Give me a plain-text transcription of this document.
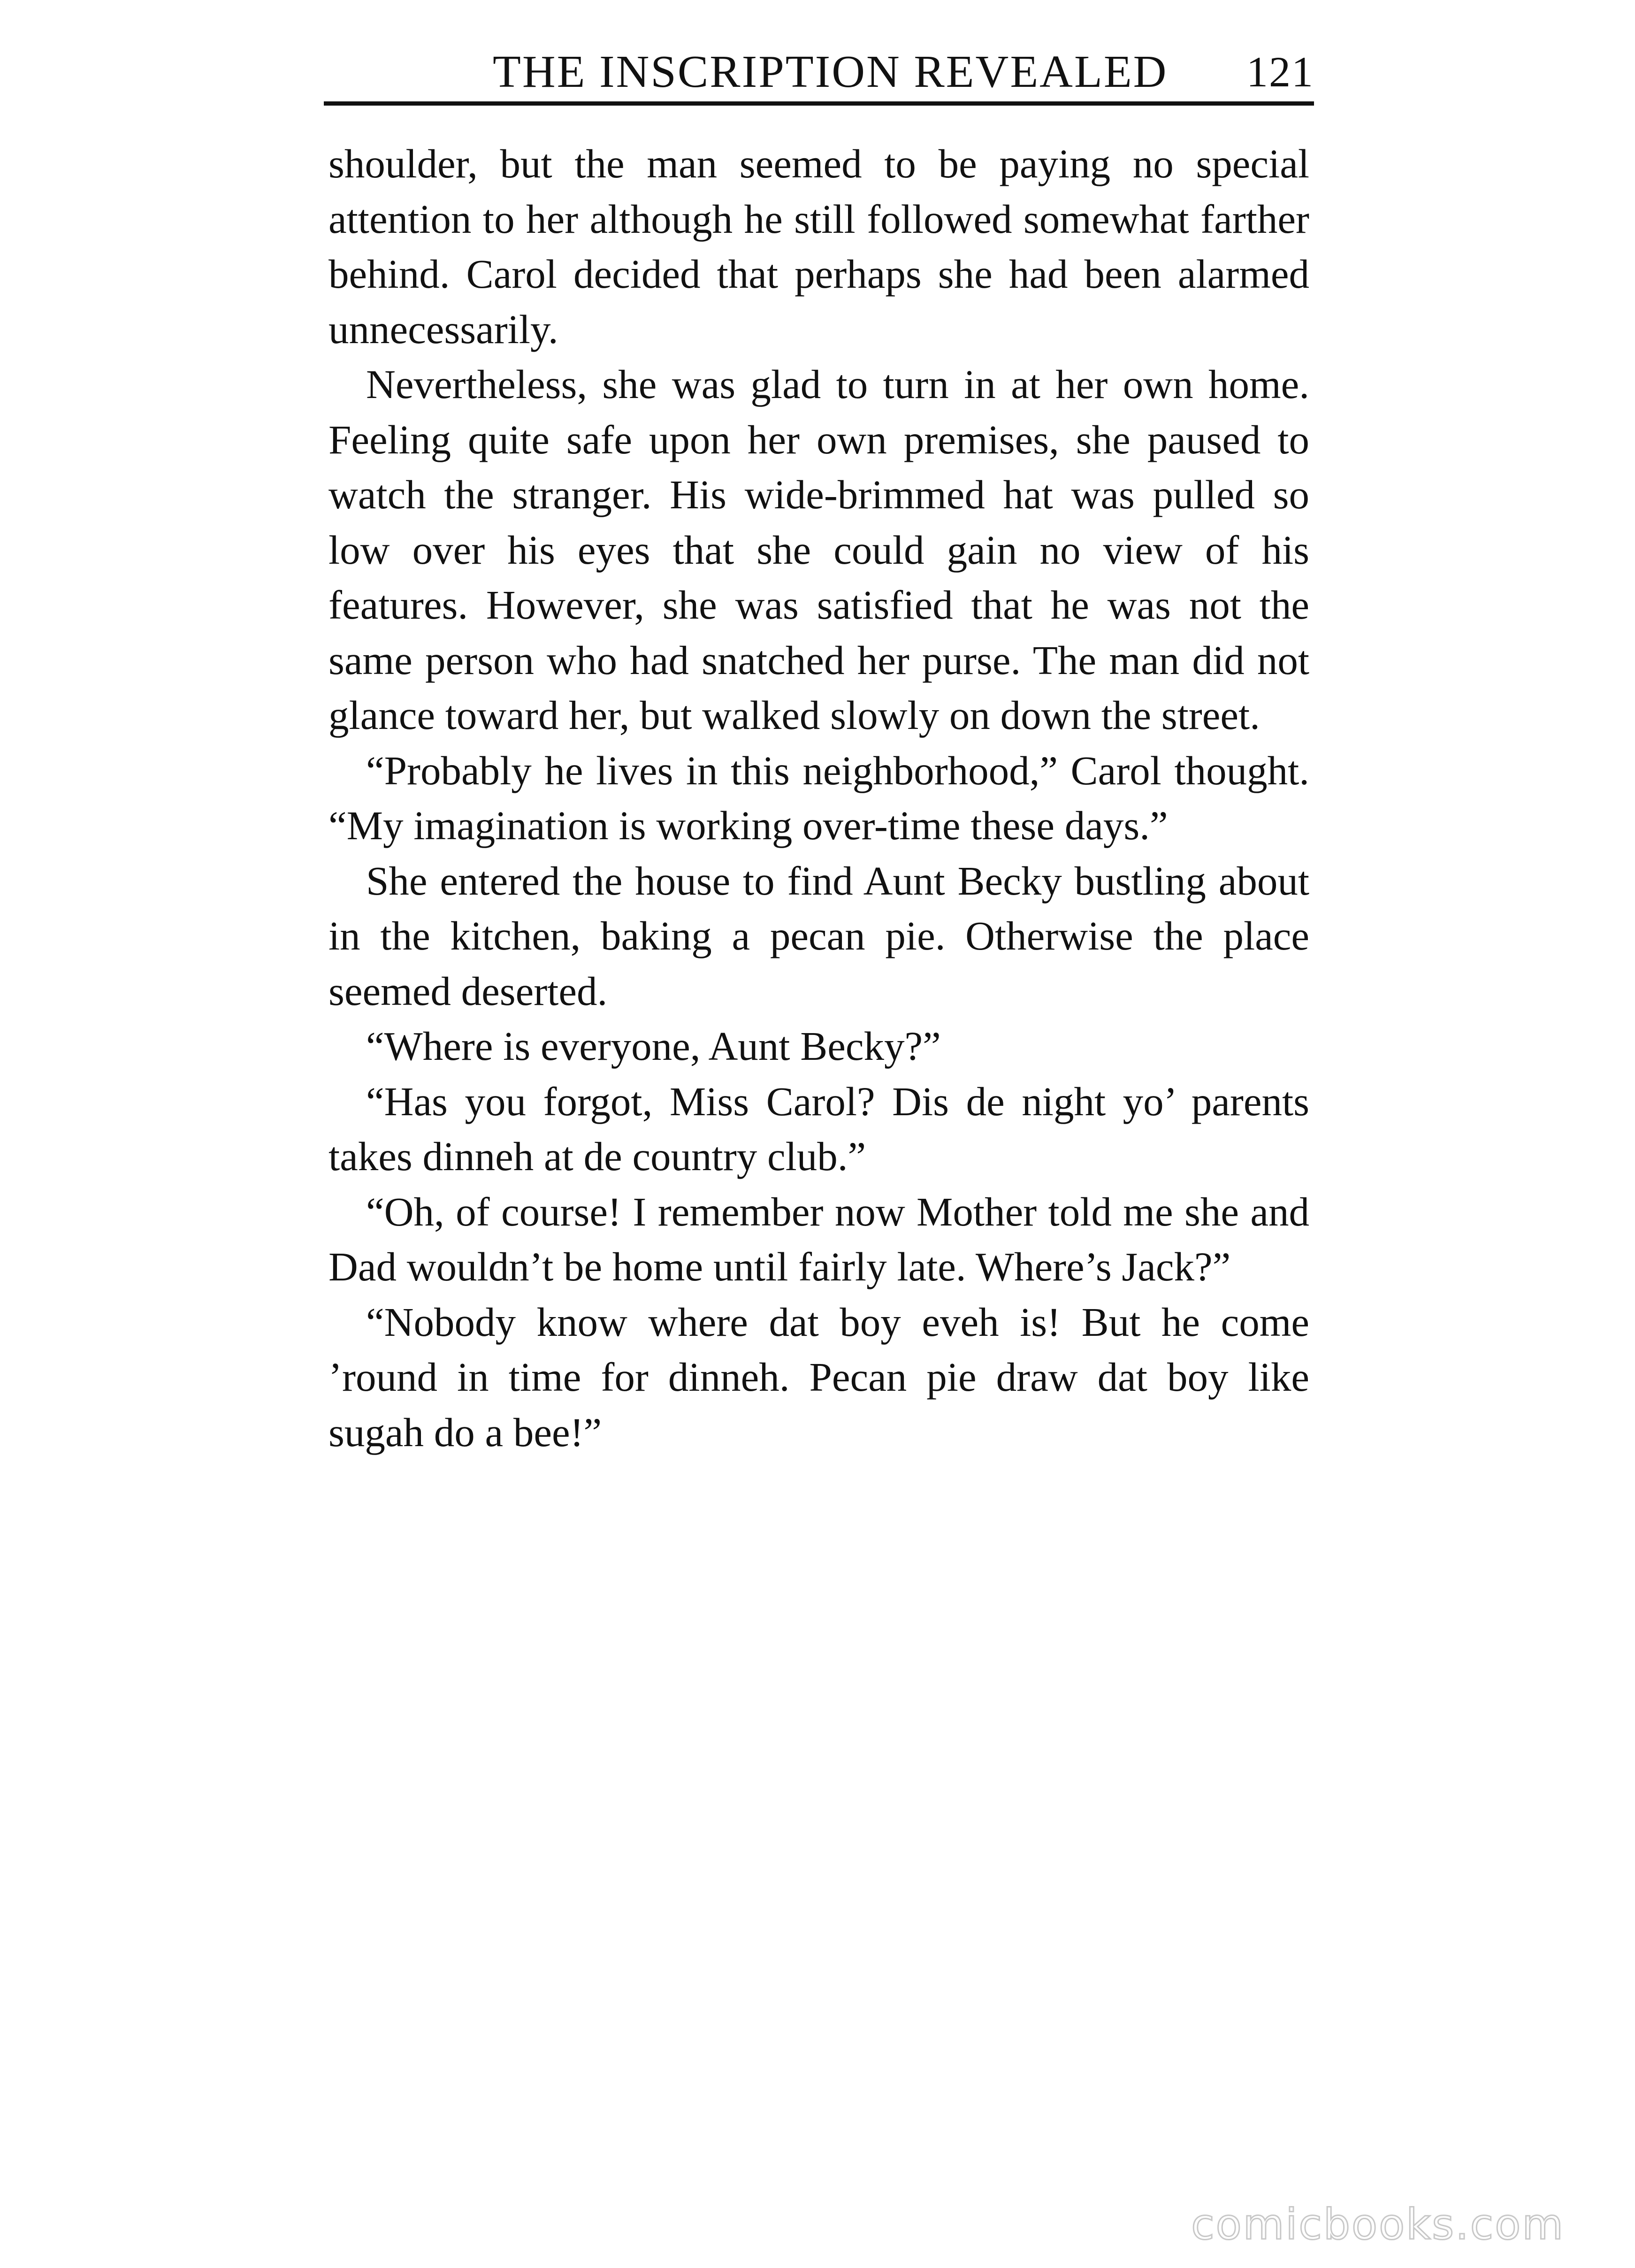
THE INSCRIPTION REVEALED 121

shoulder, but the man seemed to be paying no special attention to her although he still followed somewhat farther behind. Carol decided that perhaps she had been alarmed unnecessarily.

Nevertheless, she was glad to turn in at her own home. Feeling quite safe upon her own premises, she paused to watch the stranger. His wide-brimmed hat was pulled so low over his eyes that she could gain no view of his features. However, she was satisfied that he was not the same person who had snatched her purse. The man did not glance toward her, but walked slowly on down the street.

“Probably he lives in this neighborhood,” Carol thought. “My imagination is working over-time these days.”

She entered the house to find Aunt Becky bustling about in the kitchen, baking a pecan pie. Otherwise the place seemed deserted.

“Where is everyone, Aunt Becky?”

“Has you forgot, Miss Carol? Dis de night yo’ parents takes dinneh at de country club.”

“Oh, of course! I remember now Mother told me she and Dad wouldn’t be home until fairly late. Where’s Jack?”

“Nobody know where dat boy eveh is! But he come ’round in time for dinneh. Pecan pie draw dat boy like sugah do a bee!”

comicbooks.com
